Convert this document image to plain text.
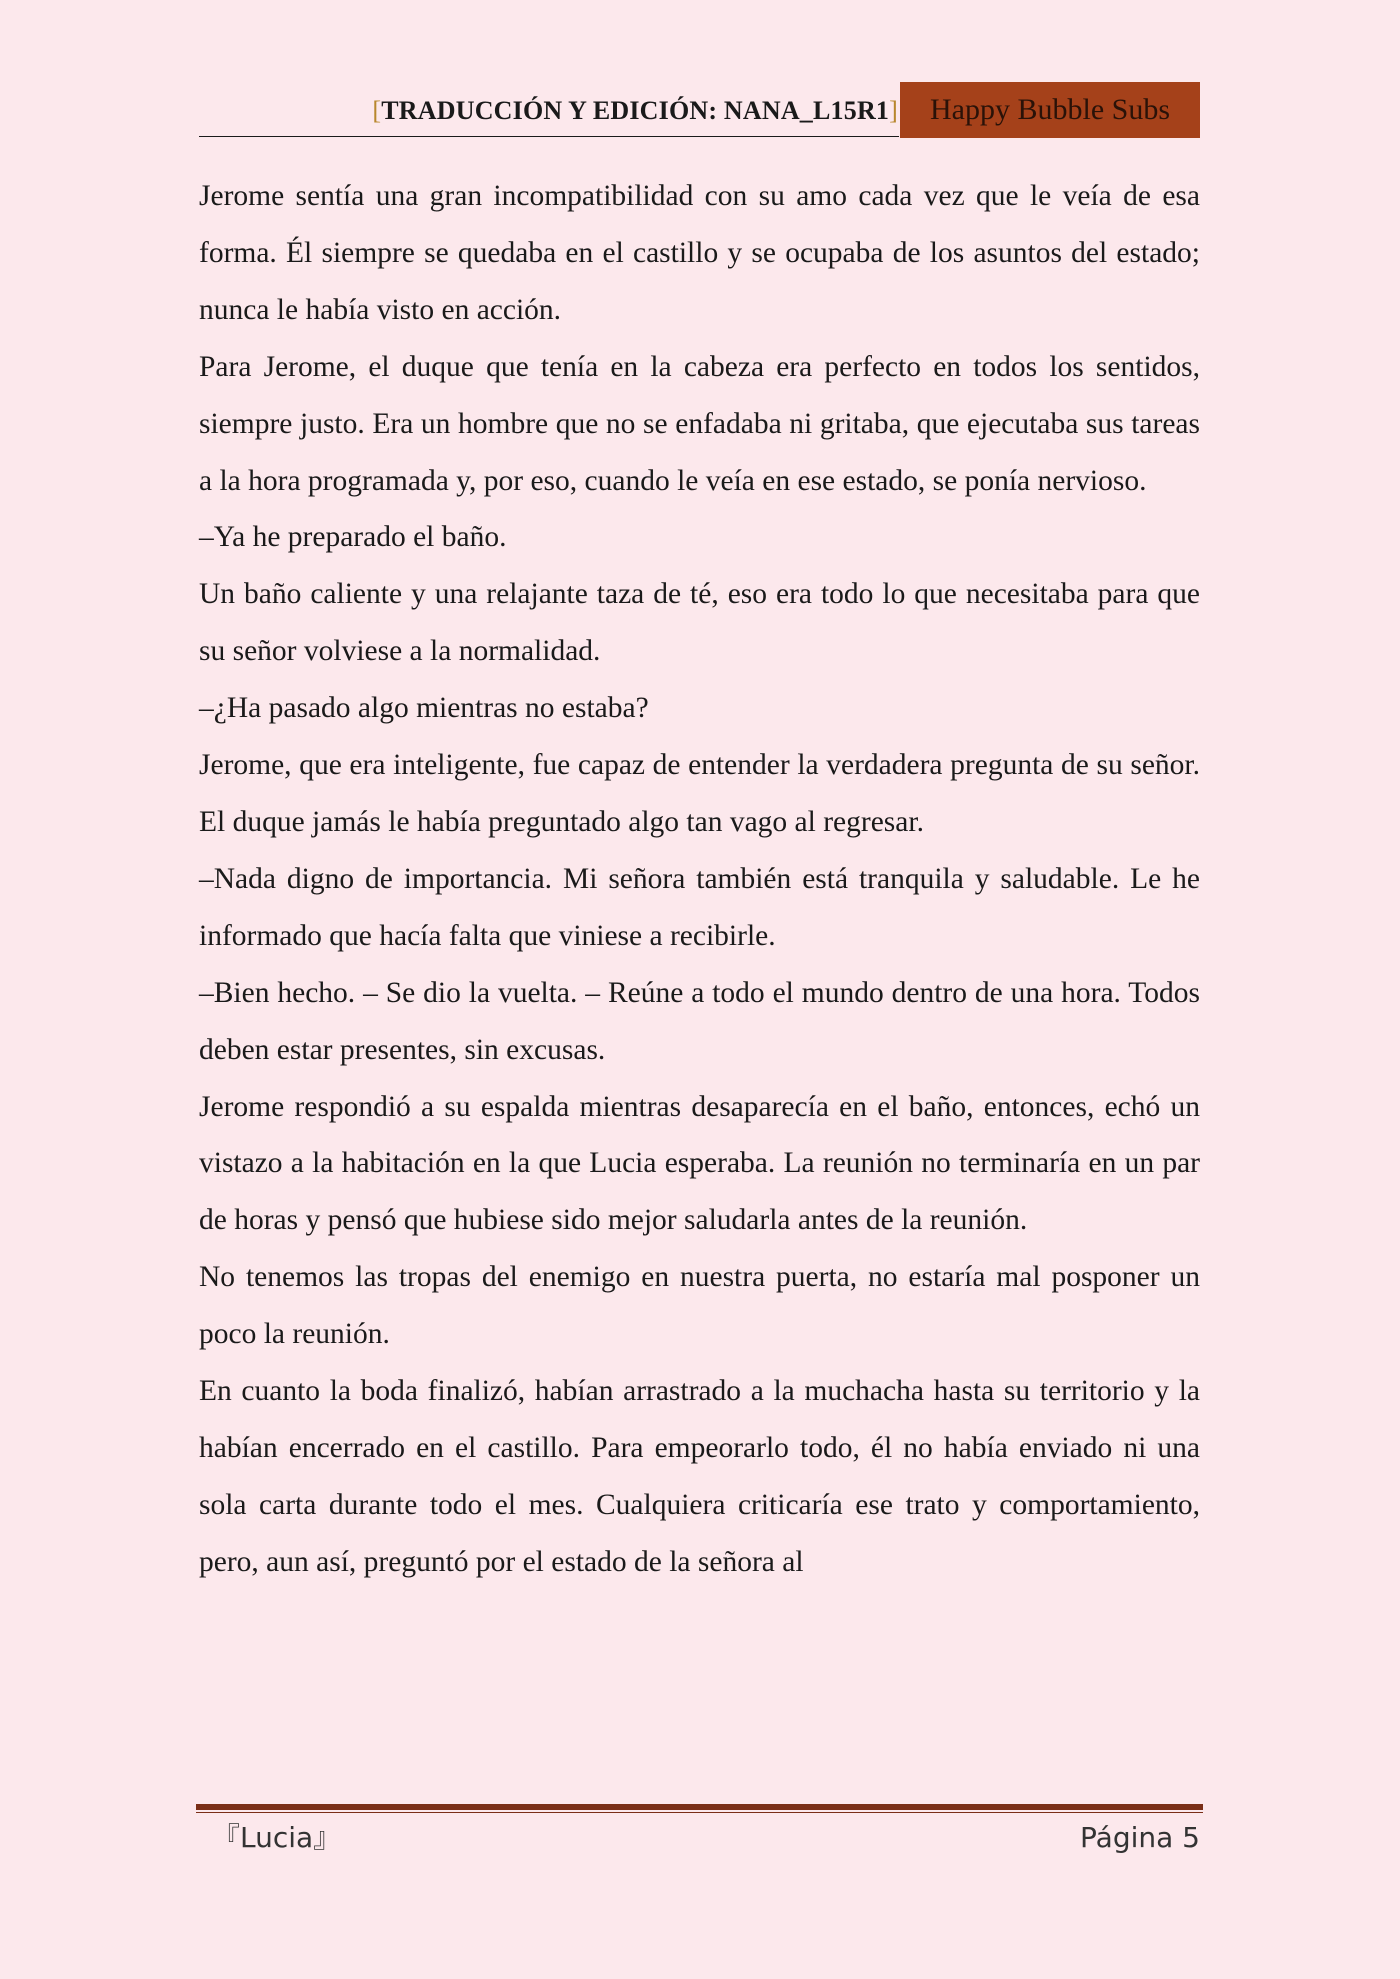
[TRADUCCIÓN Y EDICIÓN: NANA_L15R1]	Happy Bubble Subs

Jerome sentía una gran incompatibilidad con su amo cada vez que le veía de esa forma. Él siempre se quedaba en el castillo y se ocupaba de los asuntos del estado; nunca le había visto en acción.

Para Jerome, el duque que tenía en la cabeza era perfecto en todos los sentidos, siempre justo. Era un hombre que no se enfadaba ni gritaba, que ejecutaba sus tareas a la hora programada y, por eso, cuando le veía en ese estado, se ponía nervioso.

–Ya he preparado el baño.

Un baño caliente y una relajante taza de té, eso era todo lo que necesitaba para que su señor volviese a la normalidad.

–¿Ha pasado algo mientras no estaba?

Jerome, que era inteligente, fue capaz de entender la verdadera pregunta de su señor. El duque jamás le había preguntado algo tan vago al regresar.

–Nada digno de importancia. Mi señora también está tranquila y saludable. Le he informado que hacía falta que viniese a recibirle.

–Bien hecho. – Se dio la vuelta. – Reúne a todo el mundo dentro de una hora. Todos deben estar presentes, sin excusas.

Jerome respondió a su espalda mientras desaparecía en el baño, entonces, echó un vistazo a la habitación en la que Lucia esperaba. La reunión no terminaría en un par de horas y pensó que hubiese sido mejor saludarla antes de la reunión.

No tenemos las tropas del enemigo en nuestra puerta, no estaría mal posponer un poco la reunión.

En cuanto la boda finalizó, habían arrastrado a la muchacha hasta su territorio y la habían encerrado en el castillo. Para empeorarlo todo, él no había enviado ni una sola carta durante todo el mes. Cualquiera criticaría ese trato y comportamiento, pero, aun así, preguntó por el estado de la señora al

『Lucia』	Página 5
